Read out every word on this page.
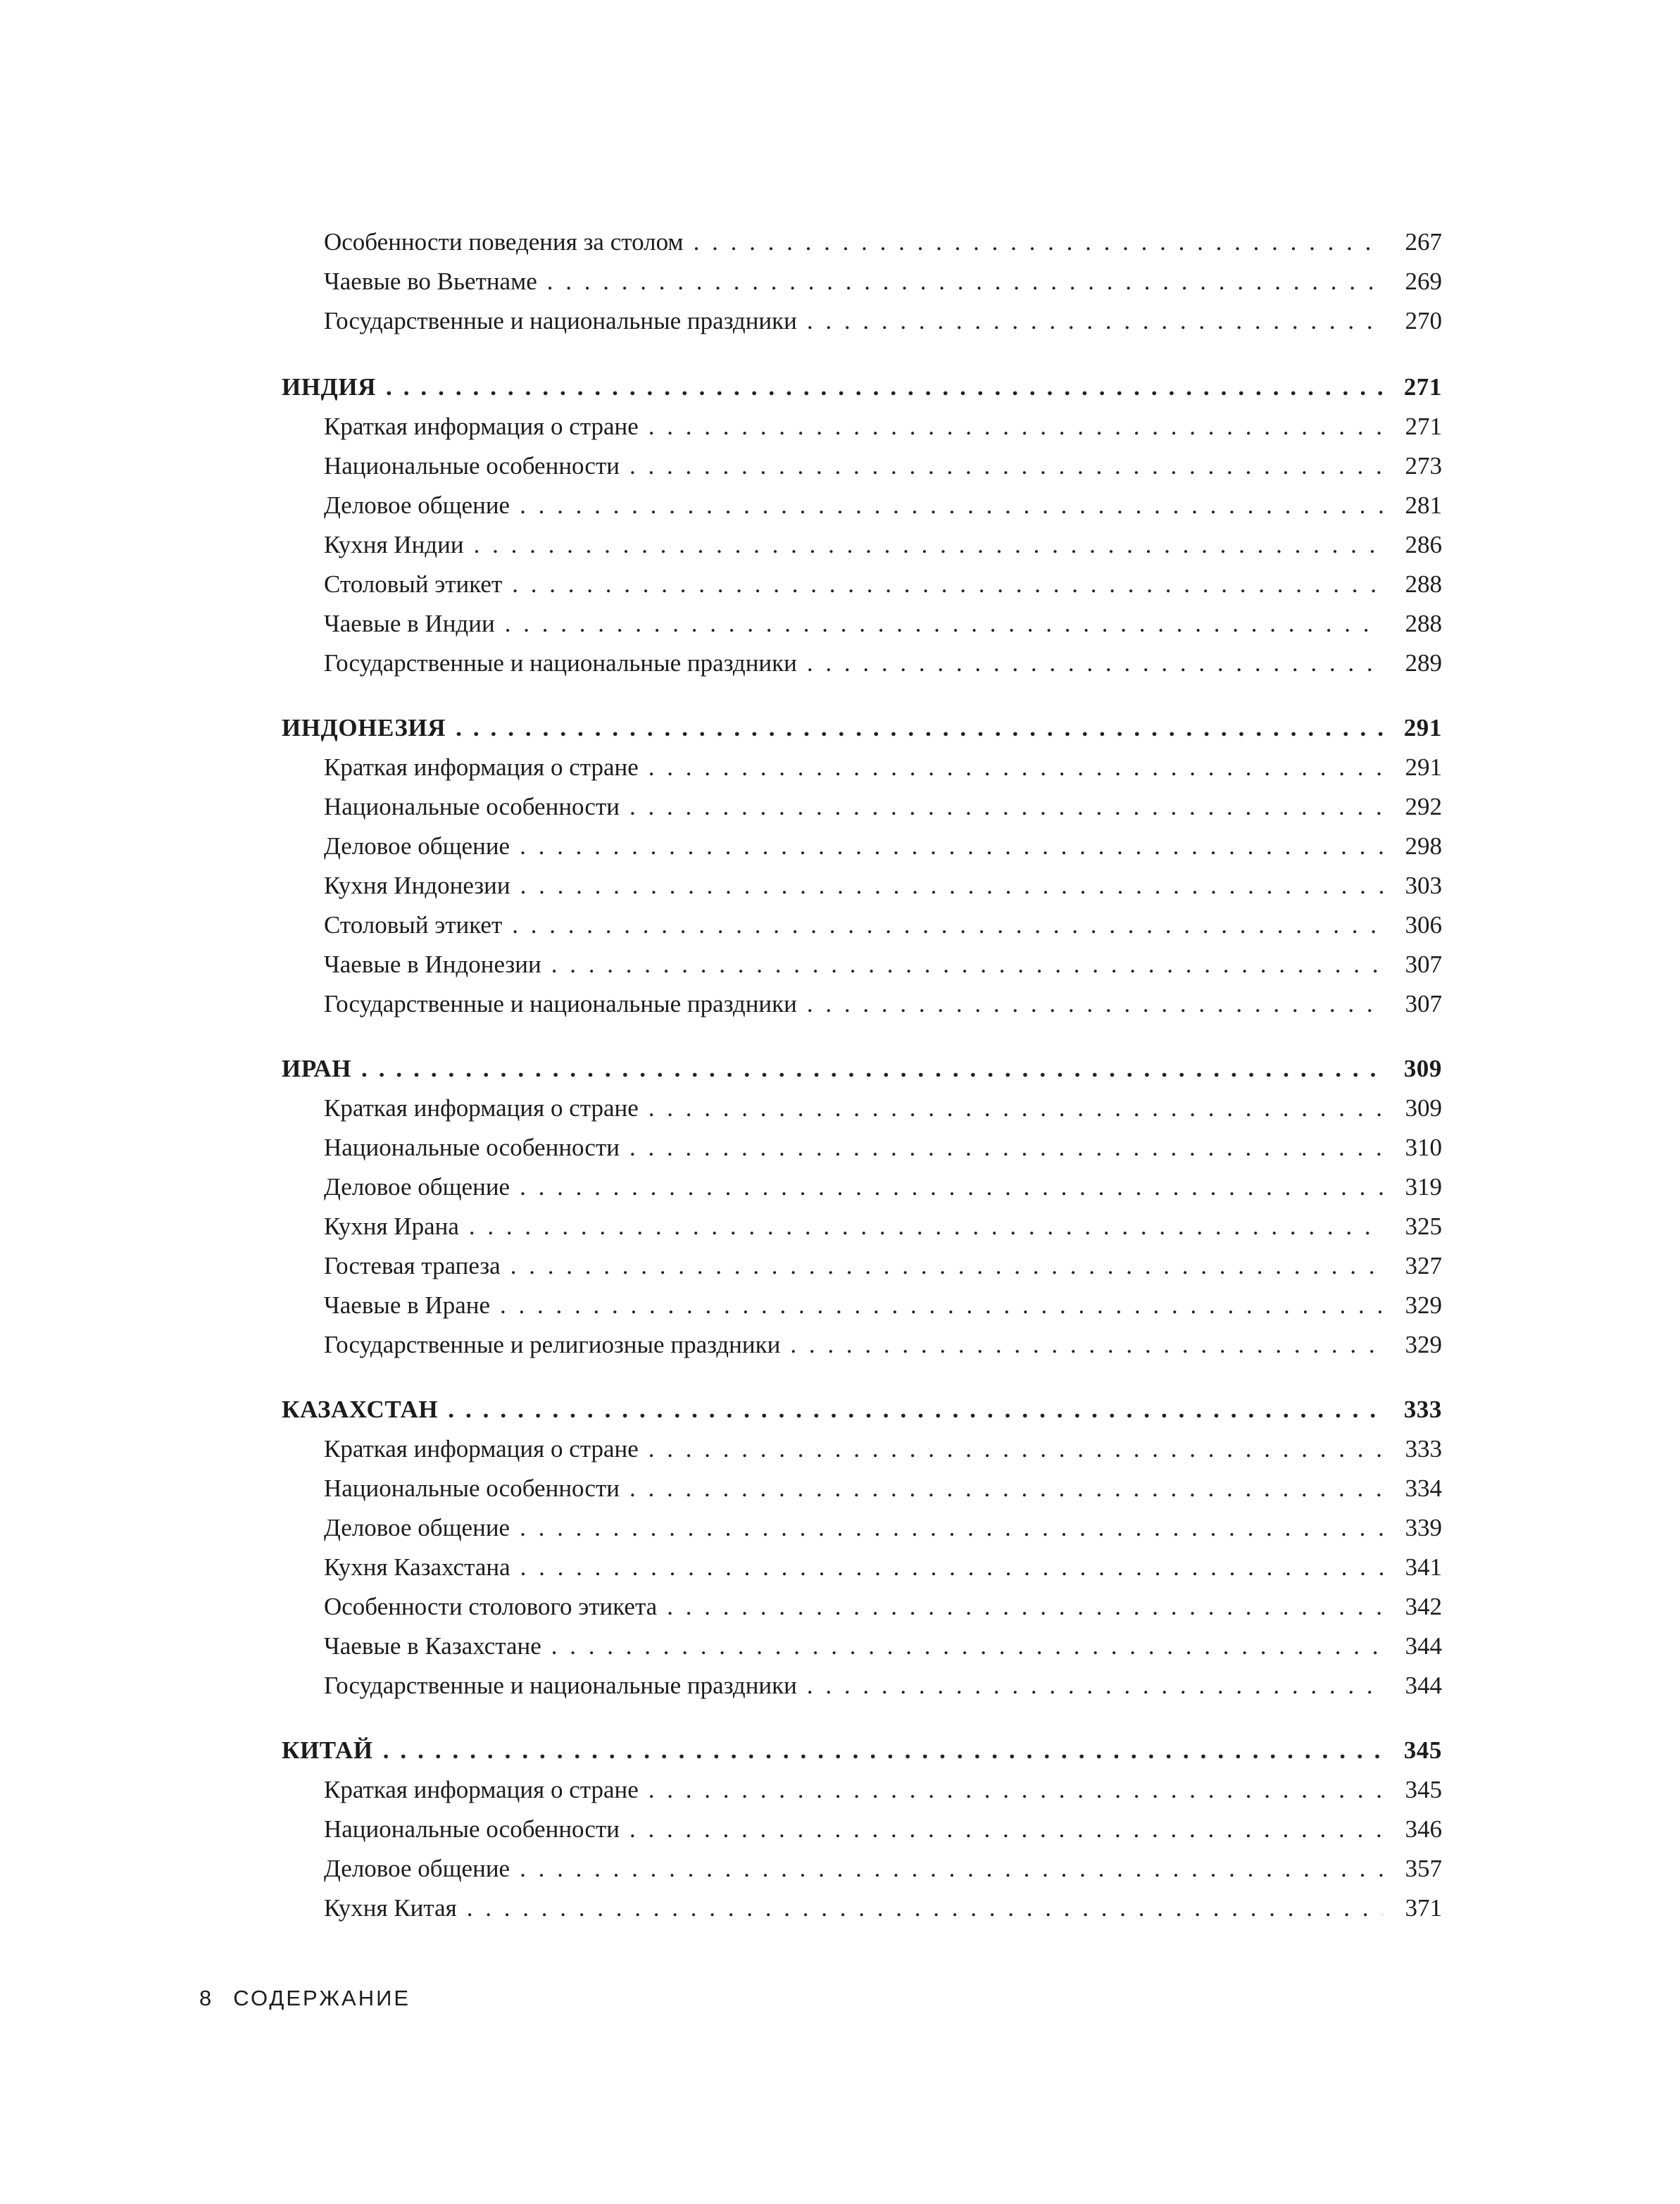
Особенности поведения за столом . . .	267
Чаевые во Вьетнаме . . .	269
Государственные и национальные праздники . . .	270
ИНДИЯ . . .	271
Краткая информация о стране . . .	271
Национальные особенности . . .	273
Деловое общение . . .	281
Кухня Индии . . .	286
Столовый этикет . . .	288
Чаевые в Индии . . .	288
Государственные и национальные праздники . . .	289
ИНДОНЕЗИЯ . . .	291
Краткая информация о стране . . .	291
Национальные особенности . . .	292
Деловое общение . . .	298
Кухня Индонезии . . .	303
Столовый этикет . . .	306
Чаевые в Индонезии . . .	307
Государственные и национальные праздники . . .	307
ИРАН . . .	309
Краткая информация о стране . . .	309
Национальные особенности . . .	310
Деловое общение . . .	319
Кухня Ирана . . .	325
Гостевая трапеза . . .	327
Чаевые в Иране . . .	329
Государственные и религиозные праздники . . .	329
КАЗАХСТАН . . .	333
Краткая информация о стране . . .	333
Национальные особенности . . .	334
Деловое общение . . .	339
Кухня Казахстана . . .	341
Особенности столового этикета . . .	342
Чаевые в Казахстане . . .	344
Государственные и национальные праздники . . .	344
КИТАЙ . . .	345
Краткая информация о стране . . .	345
Национальные особенности . . .	346
Деловое общение . . .	357
Кухня Китая . . .	371
8 СОДЕРЖАНИЕ
